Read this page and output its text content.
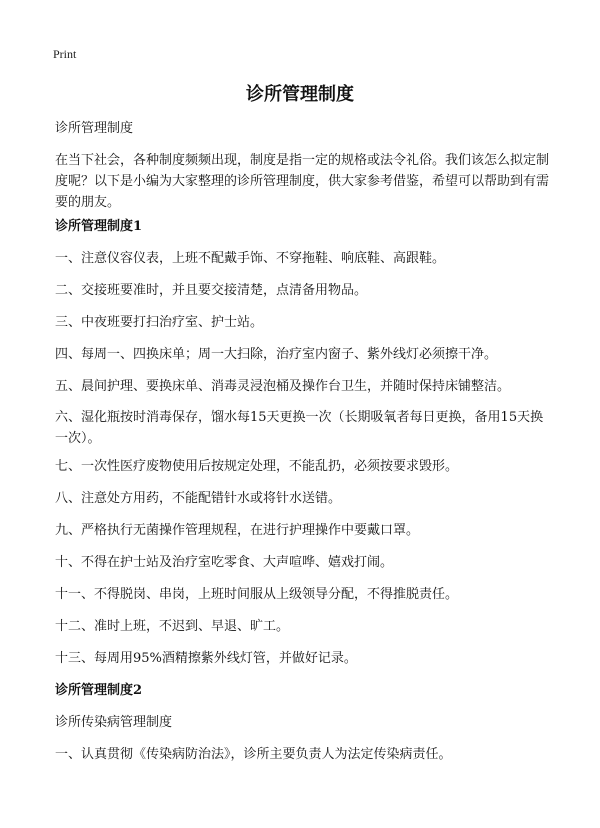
Print
诊所管理制度

诊所管理制度

在当下社会，各种制度频频出现，制度是指一定的规格或法令礼俗。我们该怎么拟定制度呢？以下是小编为大家整理的诊所管理制度，供大家参考借鉴，希望可以帮助到有需要的朋友。

诊所管理制度1

一、注意仪容仪表，上班不配戴手饰、不穿拖鞋、响底鞋、高跟鞋。

二、交接班要准时，并且要交接清楚，点清备用物品。

三、中夜班要打扫治疗室、护士站。

四、每周一、四换床单；周一大扫除，治疗室内窗子、紫外线灯必须擦干净。

五、晨间护理、要换床单、消毒灵浸泡桶及操作台卫生，并随时保持床铺整洁。

六、湿化瓶按时消毒保存，馏水每15天更换一次（长期吸氧者每日更换，备用15天换一次）。

七、一次性医疗废物使用后按规定处理，不能乱扔，必须按要求毁形。

八、注意处方用药，不能配错针水或将针水送错。

九、严格执行无菌操作管理规程，在进行护理操作中要戴口罩。

十、不得在护士站及治疗室吃零食、大声喧哗、嬉戏打闹。

十一、不得脱岗、串岗，上班时间服从上级领导分配，不得推脱责任。

十二、准时上班，不迟到、早退、旷工。

十三、每周用95%酒精擦紫外线灯管，并做好记录。

诊所管理制度2

诊所传染病管理制度

一、认真贯彻《传染病防治法》，诊所主要负责人为法定传染病责任。
